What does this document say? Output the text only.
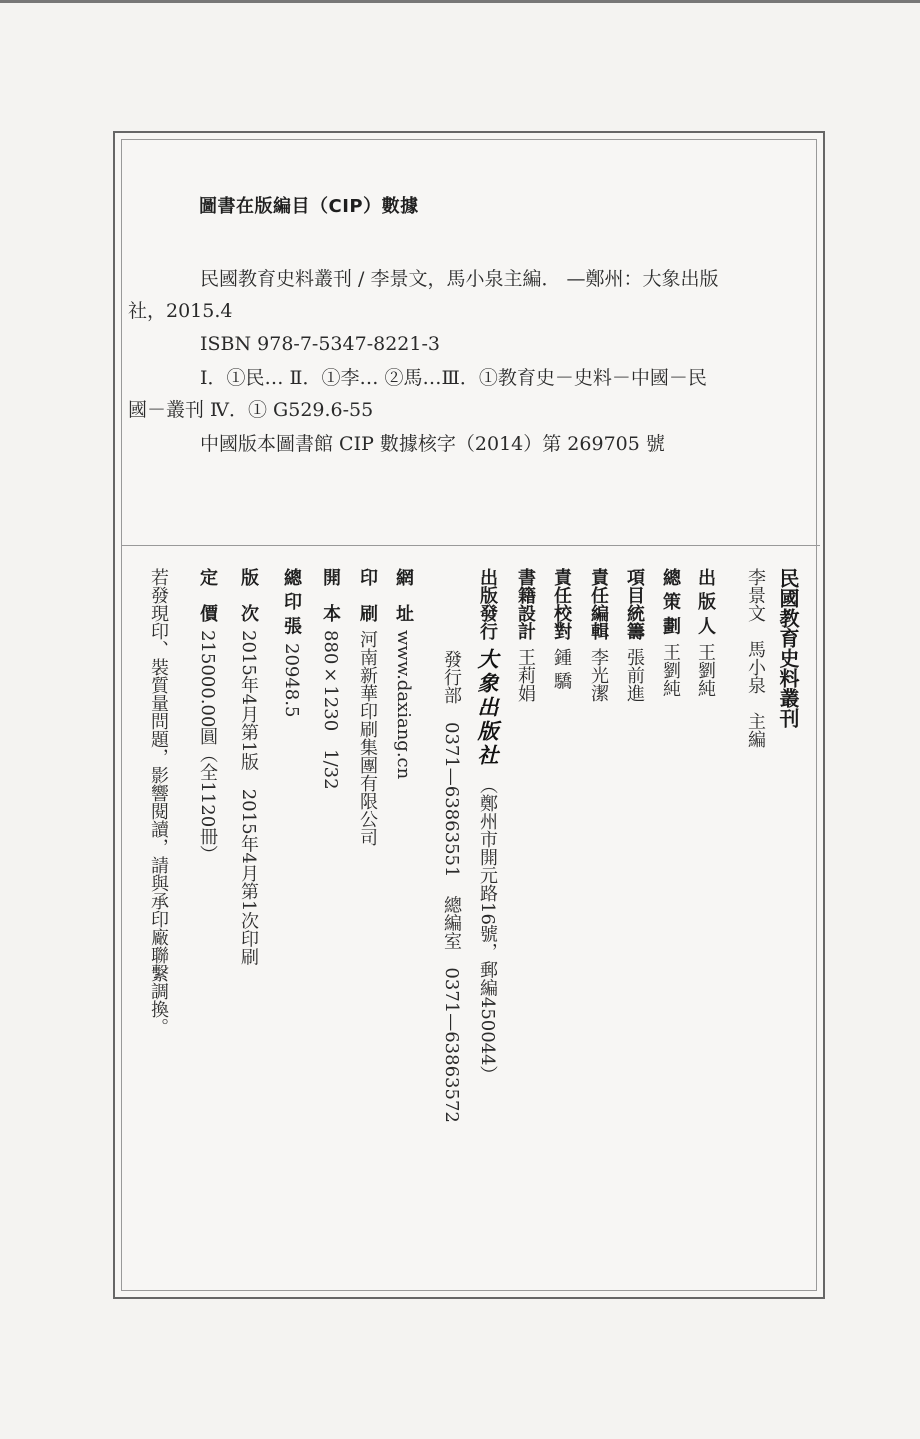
圖書在版編目（CIP）數據
民國教育史料叢刊 / 李景文，馬小泉主編． —鄭州：大象出版
社，2015.4
ISBN 978-7-5347-8221-3
Ⅰ．①民… Ⅱ．①李… ②馬…Ⅲ．①教育史－史料－中國－民
國－叢刊 Ⅳ．① G529.6-55
中國版本圖書館 CIP 數據核字（2014）第 269705 號
民國教育史料叢刊
李景文　馬小泉　主編
出 版 人王劉純
總 策 劃王劉純
項目統籌張前進
責任編輯李光潔
責任校對鍾 驕
書籍設計王莉娟
出版發行大象出版社（鄭州市開元路16號，郵編450044）
發行部　0371—63863551　總編室　0371—63863572
網　址www.daxiang.cn
印　刷河南新華印刷集團有限公司
開　本880×1230　1/32
總 印 張20948.5
版　次2015年4月第1版　2015年4月第1次印刷
定　價215000.00圓（全1120冊）
若發現印、裝質量問題，影響閱讀，請與承印廠聯繫調換。
